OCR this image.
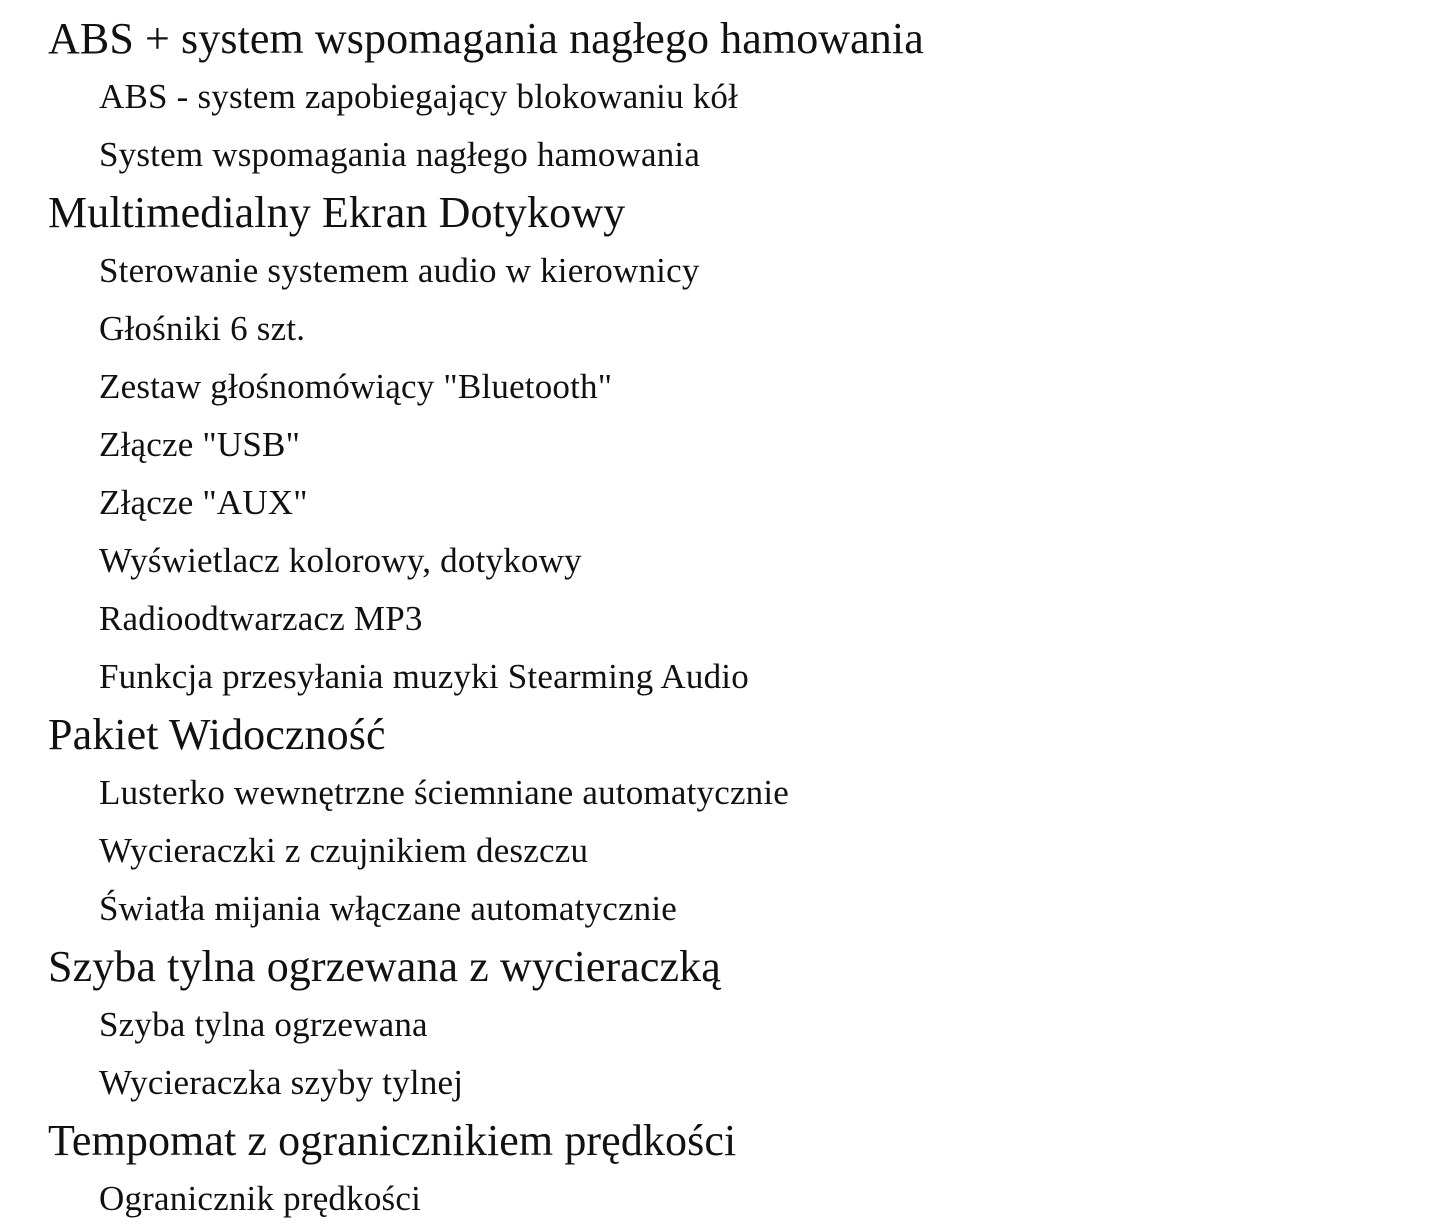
ABS + system wspomagania nagłego hamowania
ABS - system zapobiegający blokowaniu kół
System wspomagania nagłego hamowania
Multimedialny Ekran Dotykowy
Sterowanie systemem audio w kierownicy
Głośniki 6 szt.
Zestaw głośnomówiący "Bluetooth"
Złącze "USB"
Złącze "AUX"
Wyświetlacz kolorowy, dotykowy
Radioodtwarzacz MP3
Funkcja przesyłania muzyki Stearming Audio
Pakiet Widoczność
Lusterko wewnętrzne ściemniane automatycznie
Wycieraczki z czujnikiem deszczu
Światła mijania włączane automatycznie
Szyba tylna ogrzewana z wycieraczką
Szyba tylna ogrzewana
Wycieraczka szyby tylnej
Tempomat z ogranicznikiem prędkości
Ogranicznik prędkości
